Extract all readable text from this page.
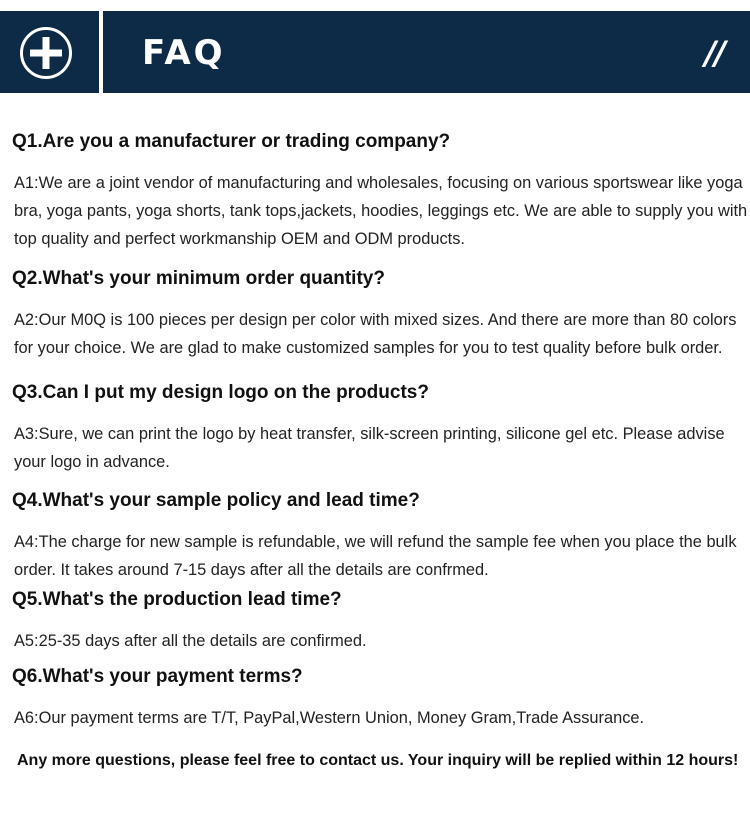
FAQ	//
Q1.Are you a manufacturer or trading company?
A1:We are a joint vendor of manufacturing and wholesales, focusing on various sportswear like yoga bra, yoga pants, yoga shorts, tank tops,jackets, hoodies, leggings etc. We are able to supply you with top quality and perfect workmanship OEM and ODM products.
Q2.What's your minimum order quantity?
A2:Our M0Q is 100 pieces per design per color with mixed sizes. And there are more than 80 colors for your choice. We are glad to make customized samples for you to test quality before bulk order.
Q3.Can I put my design logo on the products?
A3:Sure, we can print the logo by heat transfer, silk-screen printing, silicone gel etc. Please advise your logo in advance.
Q4.What's your sample policy and lead time?
A4:The charge for new sample is refundable, we will refund the sample fee when you place the bulk order. It takes around 7-15 days after all the details are confrmed.
Q5.What's the production lead time?
A5:25-35 days after all the details are confirmed.
Q6.What's your payment terms?
A6:Our payment terms are T/T, PayPal,Western Union, Money Gram,Trade Assurance.
Any more questions, please feel free to contact us. Your inquiry will be replied within 12 hours!
